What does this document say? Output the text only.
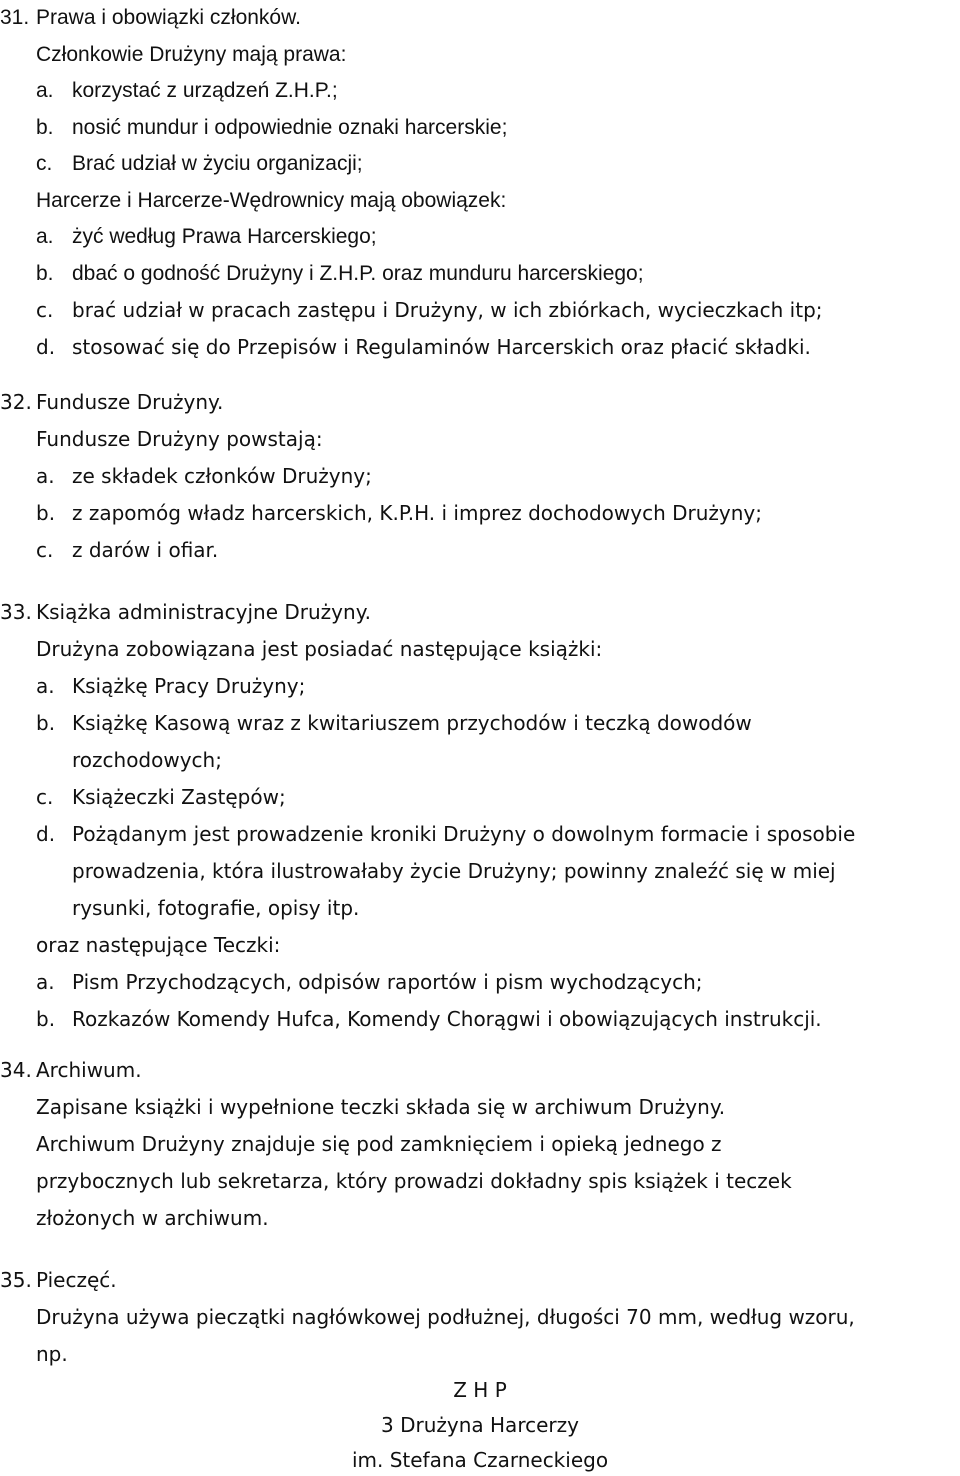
31. Prawa i obowiązki członków.
Członkowie Drużyny mają prawa:
a. korzystać z urządzeń Z.H.P.;
b. nosić mundur i odpowiednie oznaki harcerskie;
c. Brać udział w życiu organizacji;
Harcerze i Harcerze-Wędrownicy mają obowiązek:
a. żyć według Prawa Harcerskiego;
b. dbać o godność Drużyny i Z.H.P. oraz munduru harcerskiego;
c. brać udział w pracach zastępu i Drużyny, w ich zbiórkach, wycieczkach itp;
d. stosować się do Przepisów i Regulaminów Harcerskich oraz płacić składki.
32. Fundusze Drużyny.
Fundusze Drużyny powstają:
a. ze składek członków Drużyny;
b. z zapomóg władz harcerskich, K.P.H. i imprez dochodowych Drużyny;
c. z darów i ofiar.
33. Książka administracyjne Drużyny.
Drużyna zobowiązana jest posiadać następujące książki:
a. Książkę Pracy Drużyny;
b. Książkę Kasową wraz z kwitariuszem przychodów i teczką dowodów
rozchodowych;
c. Książeczki Zastępów;
d. Pożądanym jest prowadzenie kroniki Drużyny o dowolnym formacie i sposobie
prowadzenia, która ilustrowałaby życie Drużyny; powinny znaleźć się w miej
rysunki, fotografie, opisy itp.
oraz następujące Teczki:
a. Pism Przychodzących, odpisów raportów i pism wychodzących;
b. Rozkazów Komendy Hufca, Komendy Chorągwi i obowiązujących instrukcji.
34. Archiwum.
Zapisane książki i wypełnione teczki składa się w archiwum Drużyny.
Archiwum Drużyny znajduje się pod zamknięciem i opieką jednego z
przybocznych lub sekretarza, który prowadzi dokładny spis książek i teczek
złożonych w archiwum.
35. Pieczęć.
Drużyna używa pieczątki nagłówkowej podłużnej, długości 70 mm, według wzoru,
np.
Z H P
3 Drużyna Harcerzy
im. Stefana Czarneckiego
